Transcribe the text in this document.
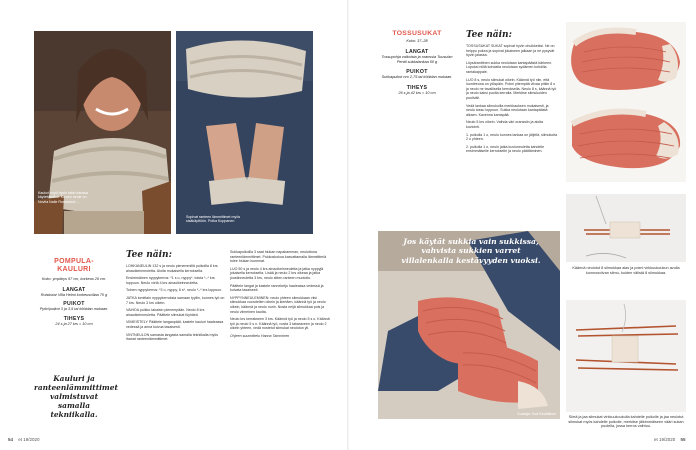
Kauluri sopii hyvin takin kanssa käytettäväksi. Kuvien neule on Novita Nalle Rosewood ...
Sopivat ranteen lämmittimet myös sisäkäyttöön. Poika Koppanen
POMPULA-KAULURI
Koko: ympärys 57 cm, korkeus 26 cm.
LANGAT
Ruiskotar Villa Helmi korkeusvillaa 70 g
PUIKOT
Pyöröpuikot 3 ja 3,5 tai kööidan mukaan.
TIHEYS
24 s ja 27 krs = 10 cm
Kauluri ja ranteenlämmittimet valmistuvat samalla tekniikalla.
Tee näin:

LOHKANEULIN 132 s ja neulo pienemmillä puikoilla 8 krs ainaoikeinneuletta. Aloita mukaisella kerroksella.

Ensimmäinen nyppykerros: *1 s o, nyppy*, toista *–* krs loppuun. Neulo vielä 4 krs ainaoikeinneuletta.

Toinen nyppykerros: *3 o, nyppy, 6 s*, neulo *–* krs loppuun.

JATKA lomittain nyppykerroksia samaan tyyliin, kunnes työ on 7 krs. Neulo 3 krs oikein.

VAIHDA puikko takaisin pienempään. Neulo 8 krs ainaoikeinneuletta. Päättele silmukat löyhästi.

VIIMEISTELY Päättele langanpäät, kastele kauluri haaleassa vedessä ja anna kuivua tasaisesti.

VINTNEULON samasta langasta samalla tekniikalla myös ihanat ranteenlämmittimet.

Sukkapuikoilla 3 saat hiukan napakamman, neulottuna ranteenlämmittimet. Pukkoskokoa kasvattamalla lämmittimiä tulee hiukan isommat.

LUO 50 s ja neulo 4 krs ainaoikeinneuletta ja jatka nyppyjä jokaisella kerroksella. Lisää ja neulo 2 krs oikeaa ja jatka joustinneuletta 3 krs, neulo sitten ranteen muotoilu.

Päättele langat ja kastele ranneketju haaleassa vedessä ja kuivata tasaisesti.

NYPPYNNEULEMINEN: neulo yhteen silmukkaan viisi silmukkaa vuorotellen oikein ja kiertäen, käännä työ ja neulo oikein, käännä ja neulo nurin. Nosta neljä silmukkaa pois ja neulo viimeinen kautta.

Neulo krs kerrakseen 3 krs. Käännä työ ja neulo 5 s o. Käännä työ ja neulo 5 s n. Käännä työ, nosta 3 takaraveen ja neulo 2 oikein yhteen, vedä nostetut silmukat neulotun yli.

Ohjeen suunnittelu Hanna Tamminen

54 et 19/2020
TOSSUSUKAT
Koko: 37–38
LANGAT
Tossupohja valkoista ja oranssia Tuusulan Pentti sukkalankaa 50 g
PUIKOT
Sukkapuikot nro 2,75 tai kööidan mukaan.
TIHEYS
26 s ja 42 krs = 10 cm
Tee näin:

TOSSUSUKAT SUKAT sopivat hyvin ohuikkeiksi. Ne on helppo pukea ja sopivat jokaiseen jalkaan ja ne pysyvät hyvin jalassa.

Löysäranttinen sukka neulotaan kantapäästä kärkeen. Lopuksi niillä kohdalla neulotaan sydämen kohdilla rantakappale.

LUO 8 s, neulo silmukat oikein. Käännä työ niin, että luontireuna on ylöspäin. Poimi pitempää viivaa pitkin 8 s ja neulo ne tavallisella kerroksella. Neulo 8 s, käännä työ ja neulo kaksi puolta kerralla. Merkitse silmukoiden puoliväli.

Vedä lankaa silmukoilla merkkauksen mukaisesti, ja neulo tossu loppuun. Sukka neulotaan kantapäästä alkaen. Kavenna kantapää.

Neulo 5 krs oikein. Vaihda väri oranssiin ja aloita kuviointi.

1. puikolla 1 o, neulo kunnes lankaa on jäljellä, silmukoita 2 o yhteen.

2. puikolla 1 o, neulo jatka kuvioneuletta kahdelle ensimmäiselle kerrokselle ja neulo päättäminen.

Käännä neulotut 8 silmukkaa alas ja poimi virkkuukoukun avulla luonnosviivan silmu- koiden välistä 8 silmukkaa.
Siirrä ja jaa silmukat virkkuukoukulla kahdelle puikolle ja jaa neulotut silmukat myös kahdelle puikolle, merkitse jälkimmäiseen vääri sukan puolella, jossa kerros vaihtuu.
Jos käytät sukkia vain sukkissa, vahvista sukkien varret villalenkalla kestävyyden vuoksi.
Kuvaaja: Suvi Kesäläinen
et 19/2020 55
